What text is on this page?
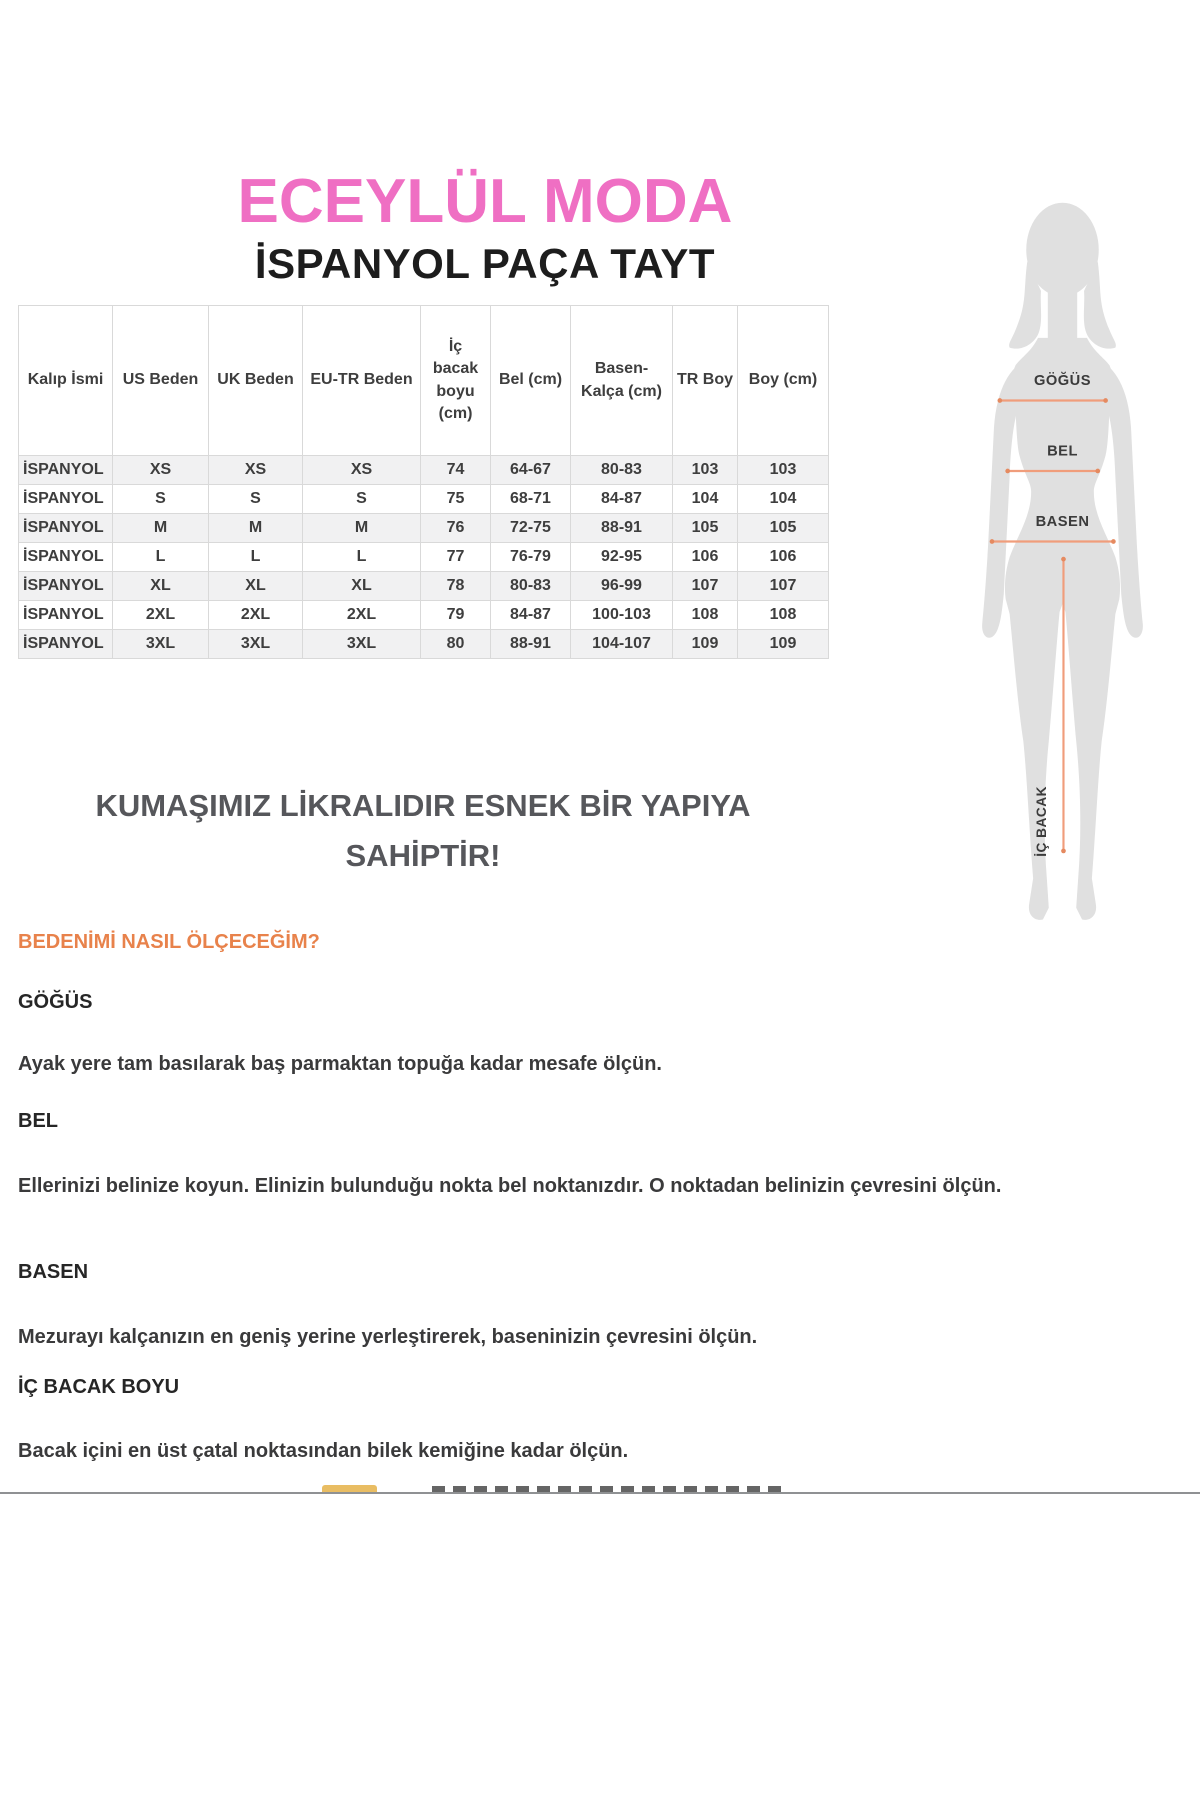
ECEYLÜL MODA
İSPANYOL PAÇA TAYT
Kalıp İsmi	US Beden	UK Beden	EU-TR Beden	İç bacak boyu (cm)	Bel (cm)	Basen-Kalça (cm)	TR Boy	Boy (cm)
İSPANYOL	XS	XS	XS	74	64-67	80-83	103	103
İSPANYOL	S	S	S	75	68-71	84-87	104	104
İSPANYOL	M	M	M	76	72-75	88-91	105	105
İSPANYOL	L	L	L	77	76-79	92-95	106	106
İSPANYOL	XL	XL	XL	78	80-83	96-99	107	107
İSPANYOL	2XL	2XL	2XL	79	84-87	100-103	108	108
İSPANYOL	3XL	3XL	3XL	80	88-91	104-107	109	109
GÖĞÜS
BEL
BASEN
İÇ BACAK
KUMAŞIMIZ LİKRALIDIR ESNEK BİR YAPIYA
SAHİPTİR!
BEDENİMİ NASIL ÖLÇECEĞİM?
GÖĞÜS
Ayak yere tam basılarak baş parmaktan topuğa kadar mesafe ölçün.
BEL
Ellerinizi belinize koyun. Elinizin bulunduğu nokta bel noktanızdır. O noktadan belinizin çevresini ölçün.
BASEN
Mezurayı kalçanızın en geniş yerine yerleştirerek, baseninizin çevresini ölçün.
İÇ BACAK BOYU
Bacak içini en üst çatal noktasından bilek kemiğine kadar ölçün.
